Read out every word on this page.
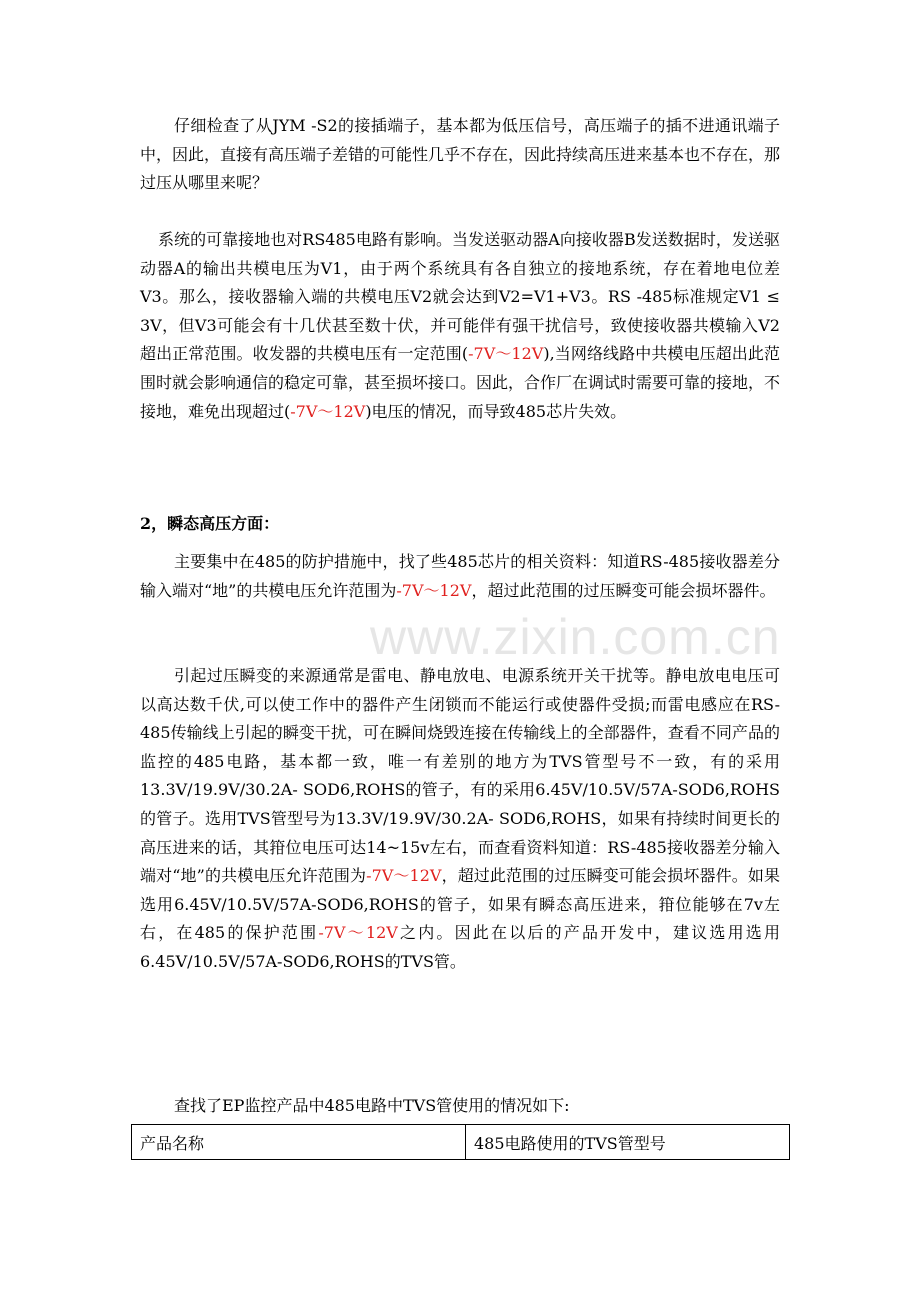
www.zixin.com.cn

仔细检查了从JYM -S2的接插端子，基本都为低压信号，高压端子的插不进通讯端子中，因此，直接有高压端子差错的可能性几乎不存在，因此持续高压进来基本也不存在，那过压从哪里来呢？

系统的可靠接地也对RS485电路有影响。当发送驱动器A向接收器B发送数据时，发送驱动器A的输出共模电压为V1，由于两个系统具有各自独立的接地系统，存在着地电位差V3。那么，接收器输入端的共模电压V2就会达到V2=V1+V3。RS -485标准规定V1 ≤ 3V，但V3可能会有十几伏甚至数十伏，并可能伴有强干扰信号，致使接收器共模输入V2超出正常范围。收发器的共模电压有一定范围(-7V～12V),当网络线路中共模电压超出此范围时就会影响通信的稳定可靠，甚至损坏接口。因此，合作厂在调试时需要可靠的接地，不接地，难免出现超过(-7V～12V)电压的情况，而导致485芯片失效。

2，瞬态高压方面：

主要集中在485的防护措施中，找了些485芯片的相关资料：知道RS-485接收器差分输入端对“地”的共模电压允许范围为-7V～12V，超过此范围的过压瞬变可能会损坏器件。

引起过压瞬变的来源通常是雷电、静电放电、电源系统开关干扰等。静电放电电压可以高达数千伏,可以使工作中的器件产生闭锁而不能运行或使器件受损;而雷电感应在RS-485传输线上引起的瞬变干扰，可在瞬间烧毁连接在传输线上的全部器件，查看不同产品的监控的485电路，基本都一致，唯一有差别的地方为TVS管型号不一致，有的采用13.3V/19.9V/30.2A- SOD6,ROHS的管子，有的采用6.45V/10.5V/57A-SOD6,ROHS的管子。选用TVS管型号为13.3V/19.9V/30.2A- SOD6,ROHS，如果有持续时间更长的高压进来的话，其箝位电压可达14~15v左右，而查看资料知道：RS-485接收器差分输入端对“地”的共模电压允许范围为-7V～12V，超过此范围的过压瞬变可能会损坏器件。如果选用6.45V/10.5V/57A-SOD6,ROHS的管子，如果有瞬态高压进来，箝位能够在7v左右，在485的保护范围-7V～12V之内。因此在以后的产品开发中，建议选用选用6.45V/10.5V/57A-SOD6,ROHS的TVS管。

查找了EP监控产品中485电路中TVS管使用的情况如下:

产品名称	485电路使用的TVS管型号
